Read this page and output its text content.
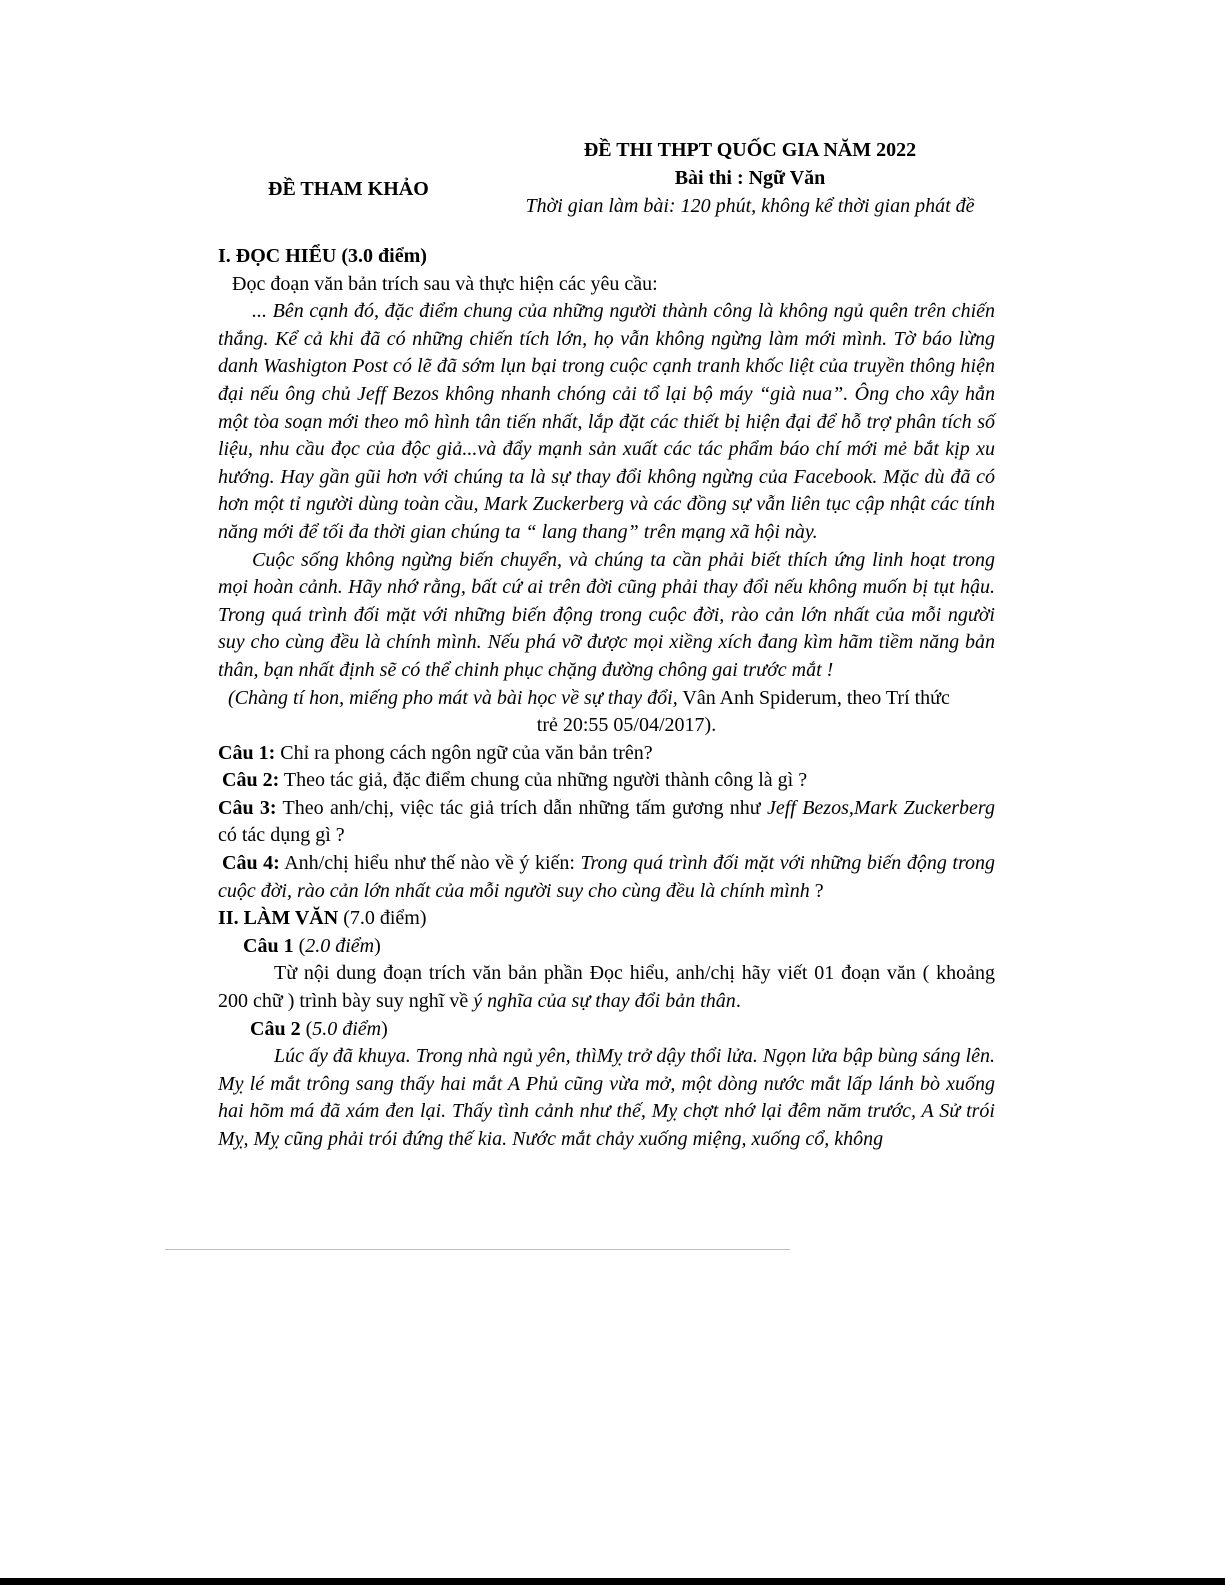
ĐỀ THAM KHẢO
ĐỀ THI THPT QUỐC GIA NĂM 2022
Bài thi : Ngữ Văn
Thời gian làm bài: 120 phút, không kể thời gian phát đề

I. ĐỌC HIỂU (3.0 điểm)

Đọc đoạn văn bản trích sau và thực hiện các yêu cầu:

... Bên cạnh đó, đặc điểm chung của những người thành công là không ngủ quên trên chiến thắng. Kể cả khi đã có những chiến tích lớn, họ vẫn không ngừng làm mới mình. Tờ báo lừng danh Washigton Post có lẽ đã sớm lụn bại trong cuộc cạnh tranh khốc liệt của truyền thông hiện đại nếu ông chủ Jeff Bezos không nhanh chóng cải tổ lại bộ máy “già nua”. Ông cho xây hẳn một tòa soạn mới theo mô hình tân tiến nhất, lắp đặt các thiết bị hiện đại để hỗ trợ phân tích số liệu, nhu cầu đọc của độc giả...và đẩy mạnh sản xuất các tác phẩm báo chí mới mẻ bắt kịp xu hướng. Hay gần gũi hơn với chúng ta là sự thay đổi không ngừng của Facebook. Mặc dù đã có hơn một tỉ người dùng toàn cầu, Mark Zuckerberg và các đồng sự vẫn liên tục cập nhật các tính năng mới để tối đa thời gian chúng ta “ lang thang” trên mạng xã hội này.

Cuộc sống không ngừng biến chuyển, và chúng ta cần phải biết thích ứng linh hoạt trong mọi hoàn cảnh. Hãy nhớ rằng, bất cứ ai trên đời cũng phải thay đổi nếu không muốn bị tụt hậu. Trong quá trình đối mặt với những biến động trong cuộc đời, rào cản lớn nhất của mỗi người suy cho cùng đều là chính mình. Nếu phá vỡ được mọi xiềng xích đang kìm hãm tiềm năng bản thân, bạn nhất định sẽ có thể chinh phục chặng đường chông gai trước mắt !

(Chàng tí hon, miếng pho mát và bài học về sự thay đổi, Vân Anh Spiderum, theo Trí thức

trẻ 20:55 05/04/2017).

Câu 1: Chỉ ra phong cách ngôn ngữ của văn bản trên?

Câu 2: Theo tác giả, đặc điểm chung của những người thành công là gì ?

Câu 3: Theo anh/chị, việc tác giả trích dẫn những tấm gương như Jeff Bezos,Mark Zuckerberg có tác dụng gì ?

Câu 4: Anh/chị hiểu như thế nào về ý kiến: Trong quá trình đối mặt với những biến động trong cuộc đời, rào cản lớn nhất của mỗi người suy cho cùng đều là chính mình ?

II. LÀM VĂN (7.0 điểm)

Câu 1 (2.0 điểm)

Từ nội dung đoạn trích văn bản phần Đọc hiểu, anh/chị hãy viết 01 đoạn văn ( khoảng 200 chữ ) trình bày suy nghĩ về ý nghĩa của sự thay đổi bản thân.

Câu 2 (5.0 điểm)

Lúc ấy đã khuya. Trong nhà ngủ yên, thìMỵ trở dậy thổi lửa. Ngọn lửa bập bùng sáng lên. Mỵ lé mắt trông sang thấy hai mắt A Phủ cũng vừa mở, một dòng nước mắt lấp lánh bò xuống hai hõm má đã xám đen lại. Thấy tình cảnh như thế, Mỵ chợt nhớ lại đêm năm trước, A Sử trói Mỵ, Mỵ cũng phải trói đứng thế kia. Nước mắt chảy xuống miệng, xuống cổ, không
